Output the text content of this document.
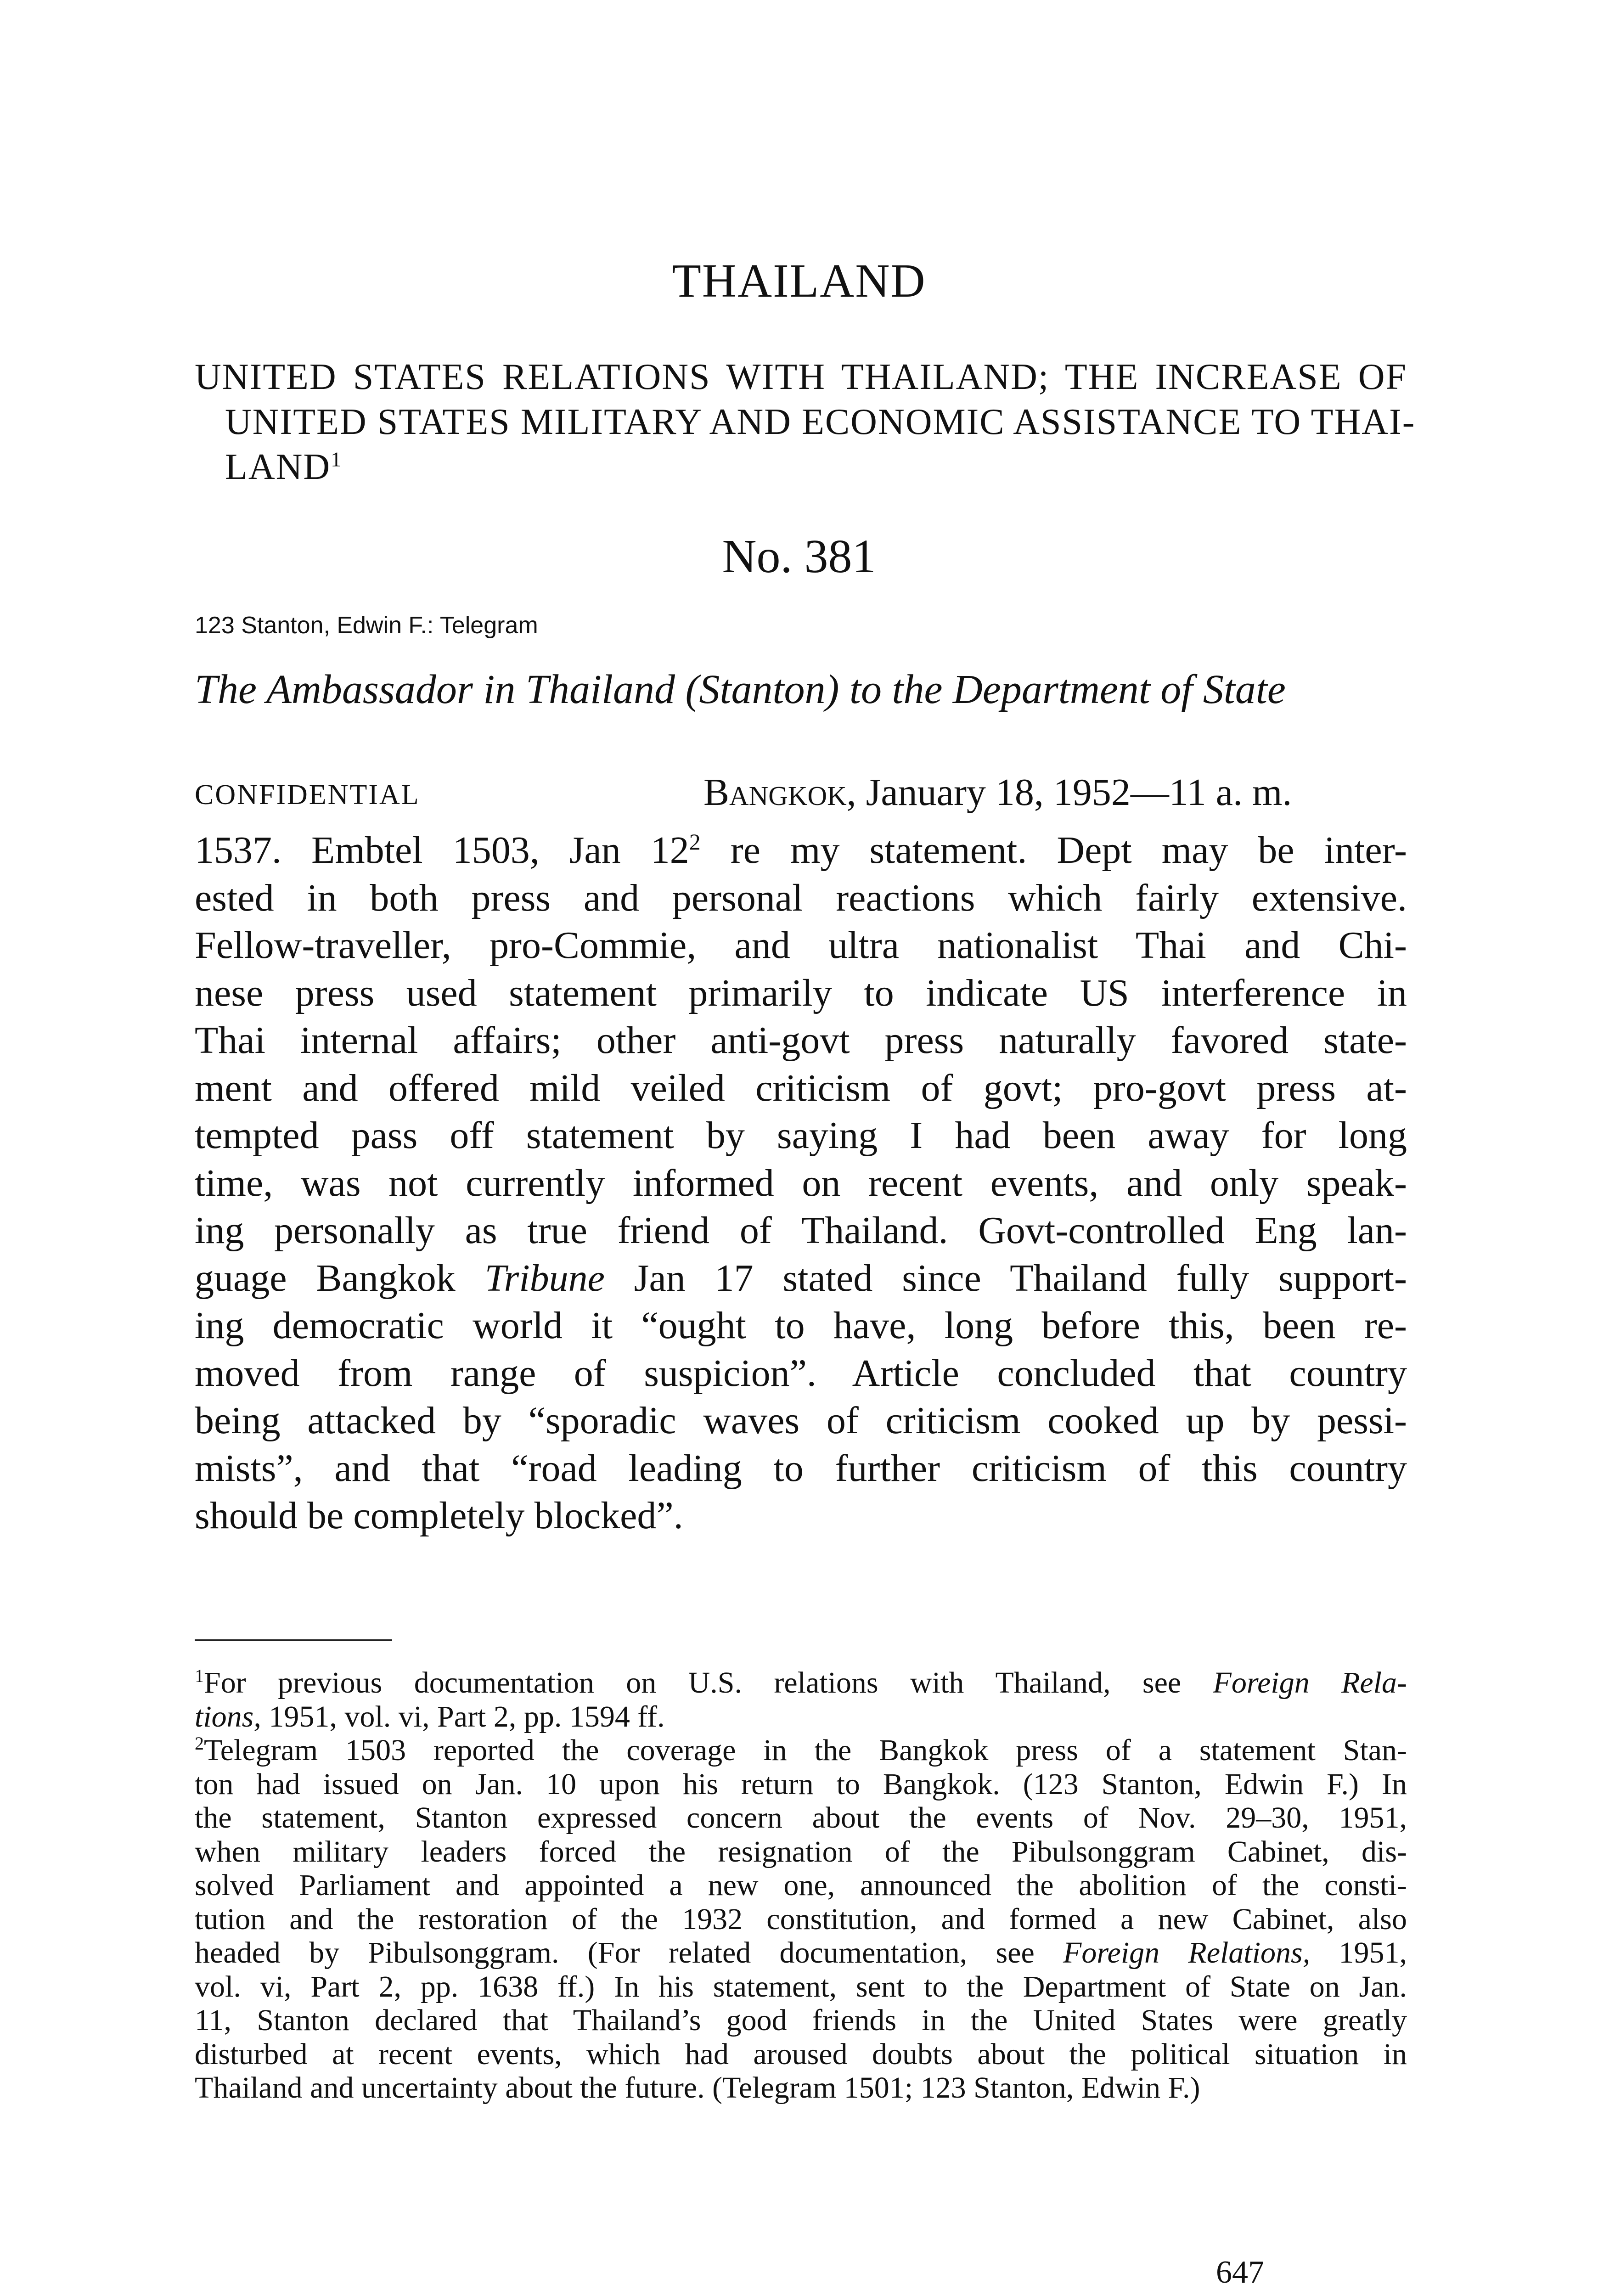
THAILAND
UNITED STATES RELATIONS WITH THAILAND; THE INCREASE OF
UNITED STATES MILITARY AND ECONOMIC ASSISTANCE TO THAI-
LAND$^1$
No. 381
123 Stanton, Edwin F.: Telegram
The Ambassador in Thailand (Stanton) to the Department of State
CONFIDENTIAL	Bangkok, January 18, 1952—11 a. m.
1537. Embtel 1503, Jan $12^2$ re my statement. Dept may be inter-
ested in both press and personal reactions which fairly extensive.
Fellow-traveller, pro-Commie, and ultra nationalist Thai and Chi-
nese press used statement primarily to indicate US interference in
Thai internal affairs; other anti-govt press naturally favored state-
ment and offered mild veiled criticism of govt; pro-govt press at-
tempted pass off statement by saying I had been away for long
time, was not currently informed on recent events, and only speak-
ing personally as true friend of Thailand. Govt-controlled Eng lan-
guage Bangkok Tribune Jan 17 stated since Thailand fully support-
ing democratic world it “ought to have, long before this, been re-
moved from range of suspicion”. Article concluded that country
being attacked by “sporadic waves of criticism cooked up by pessi-
mists”, and that “road leading to further criticism of this country
should be completely blocked”.
$^1$For previous documentation on U.S. relations with Thailand, see Foreign Rela-
tions, 1951, vol. vi, Part 2, pp. 1594 ff.
$^2$Telegram 1503 reported the coverage in the Bangkok press of a statement Stan-
ton had issued on Jan. 10 upon his return to Bangkok. (123 Stanton, Edwin F.) In
the statement, Stanton expressed concern about the events of Nov. 29–30, 1951,
when military leaders forced the resignation of the Pibulsonggram Cabinet, dis-
solved Parliament and appointed a new one, announced the abolition of the consti-
tution and the restoration of the 1932 constitution, and formed a new Cabinet, also
headed by Pibulsonggram. (For related documentation, see Foreign Relations, 1951,
vol. vi, Part 2, pp. 1638 ff.) In his statement, sent to the Department of State on Jan.
11, Stanton declared that Thailand’s good friends in the United States were greatly
disturbed at recent events, which had aroused doubts about the political situation in
Thailand and uncertainty about the future. (Telegram 1501; 123 Stanton, Edwin F.)
647
